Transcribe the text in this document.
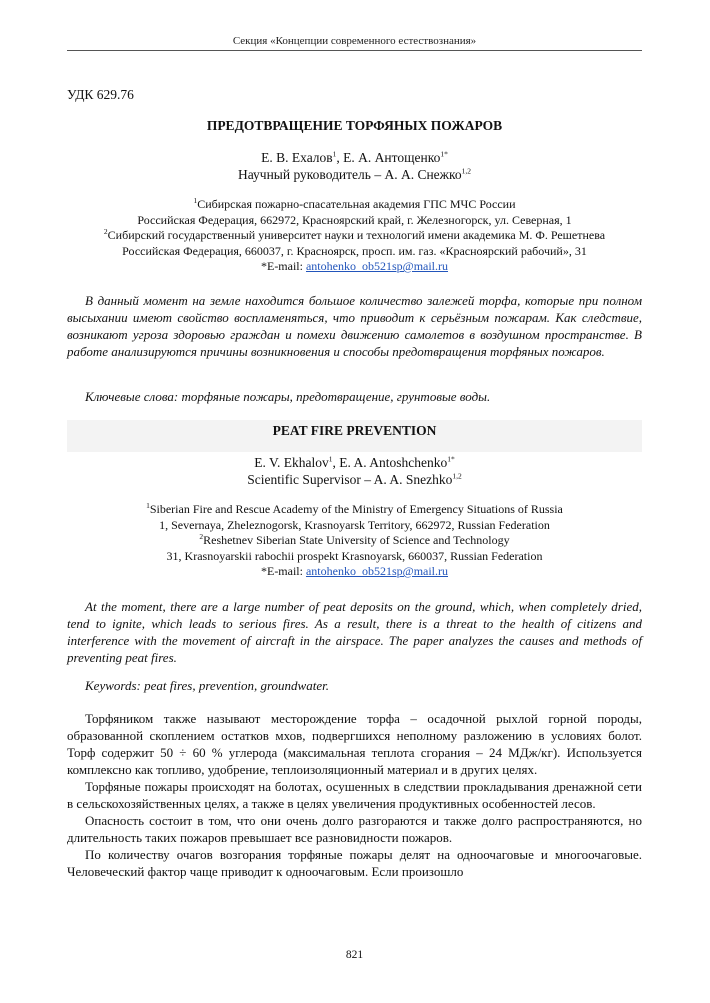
Секция «Концепции современного естествознания»
УДК 629.76
ПРЕДОТВРАЩЕНИЕ ТОРФЯНЫХ ПОЖАРОВ
Е. В. Ехалов$^1$, Е. А. Антощенко$^{1*}$
Научный руководитель – А. А. Снежко$^{1,2}$
$^1$Сибирская пожарно-спасательная академия ГПС МЧС России
Российская Федерация, 662972, Красноярский край, г. Железногорск, ул. Северная, 1
$^2$Сибирский государственный университет науки и технологий имени академика М. Ф. Решетнева
Российская Федерация, 660037, г. Красноярск, просп. им. газ. «Красноярский рабочий», 31
*E-mail: antohenko_ob521sp@mail.ru

В данный момент на земле находится большое количество залежей торфа, которые при полном высыхании имеют свойство воспламеняться, что приводит к серьёзным пожарам. Как следствие, возникают угроза здоровью граждан и помехи движению самолетов в воздушном пространстве. В работе анализируются причины возникновения и способы предотвращения торфяных пожаров.

Ключевые слова: торфяные пожары, предотвращение, грунтовые воды.

PEAT FIRE PREVENTION
E. V. Ekhalov$^1$, E. A. Antoshchenko$^{1*}$
Scientific Supervisor – A. A. Snezhko$^{1,2}$
$^1$Siberian Fire and Rescue Academy of the Ministry of Emergency Situations of Russia
1, Severnaya, Zheleznogorsk, Krasnoyarsk Territory, 662972, Russian Federation
$^2$Reshetnev Siberian State University of Science and Technology
31, Krasnoyarskii rabochii prospekt Krasnoyarsk, 660037, Russian Federation
*E-mail: antohenko_ob521sp@mail.ru

At the moment, there are a large number of peat deposits on the ground, which, when completely dried, tend to ignite, which leads to serious fires. As a result, there is a threat to the health of citizens and interference with the movement of aircraft in the airspace. The paper analyzes the causes and methods of preventing peat fires.

Keywords: peat fires, prevention, groundwater.

Торфяником также называют месторождение торфа – осадочной рыхлой горной породы, образованной скоплением остатков мхов, подвергшихся неполному разложению в условиях болот. Торф содержит 50 ÷ 60 % углерода (максимальная теплота сгорания – 24 МДж/кг). Используется комплексно как топливо, удобрение, теплоизоляционный материал и в других целях.

Торфяные пожары происходят на болотах, осушенных в следствии прокладывания дренажной сети в сельскохозяйственных целях, а также в целях увеличения продуктивных особенностей лесов.

Опасность состоит в том, что они очень долго разгораются и также долго распространяются, но длительность таких пожаров превышает все разновидности пожаров.

По количеству очагов возгорания торфяные пожары делят на одноочаговые и многоочаговые. Человеческий фактор чаще приводит к одноочаговым. Если произошло

821
